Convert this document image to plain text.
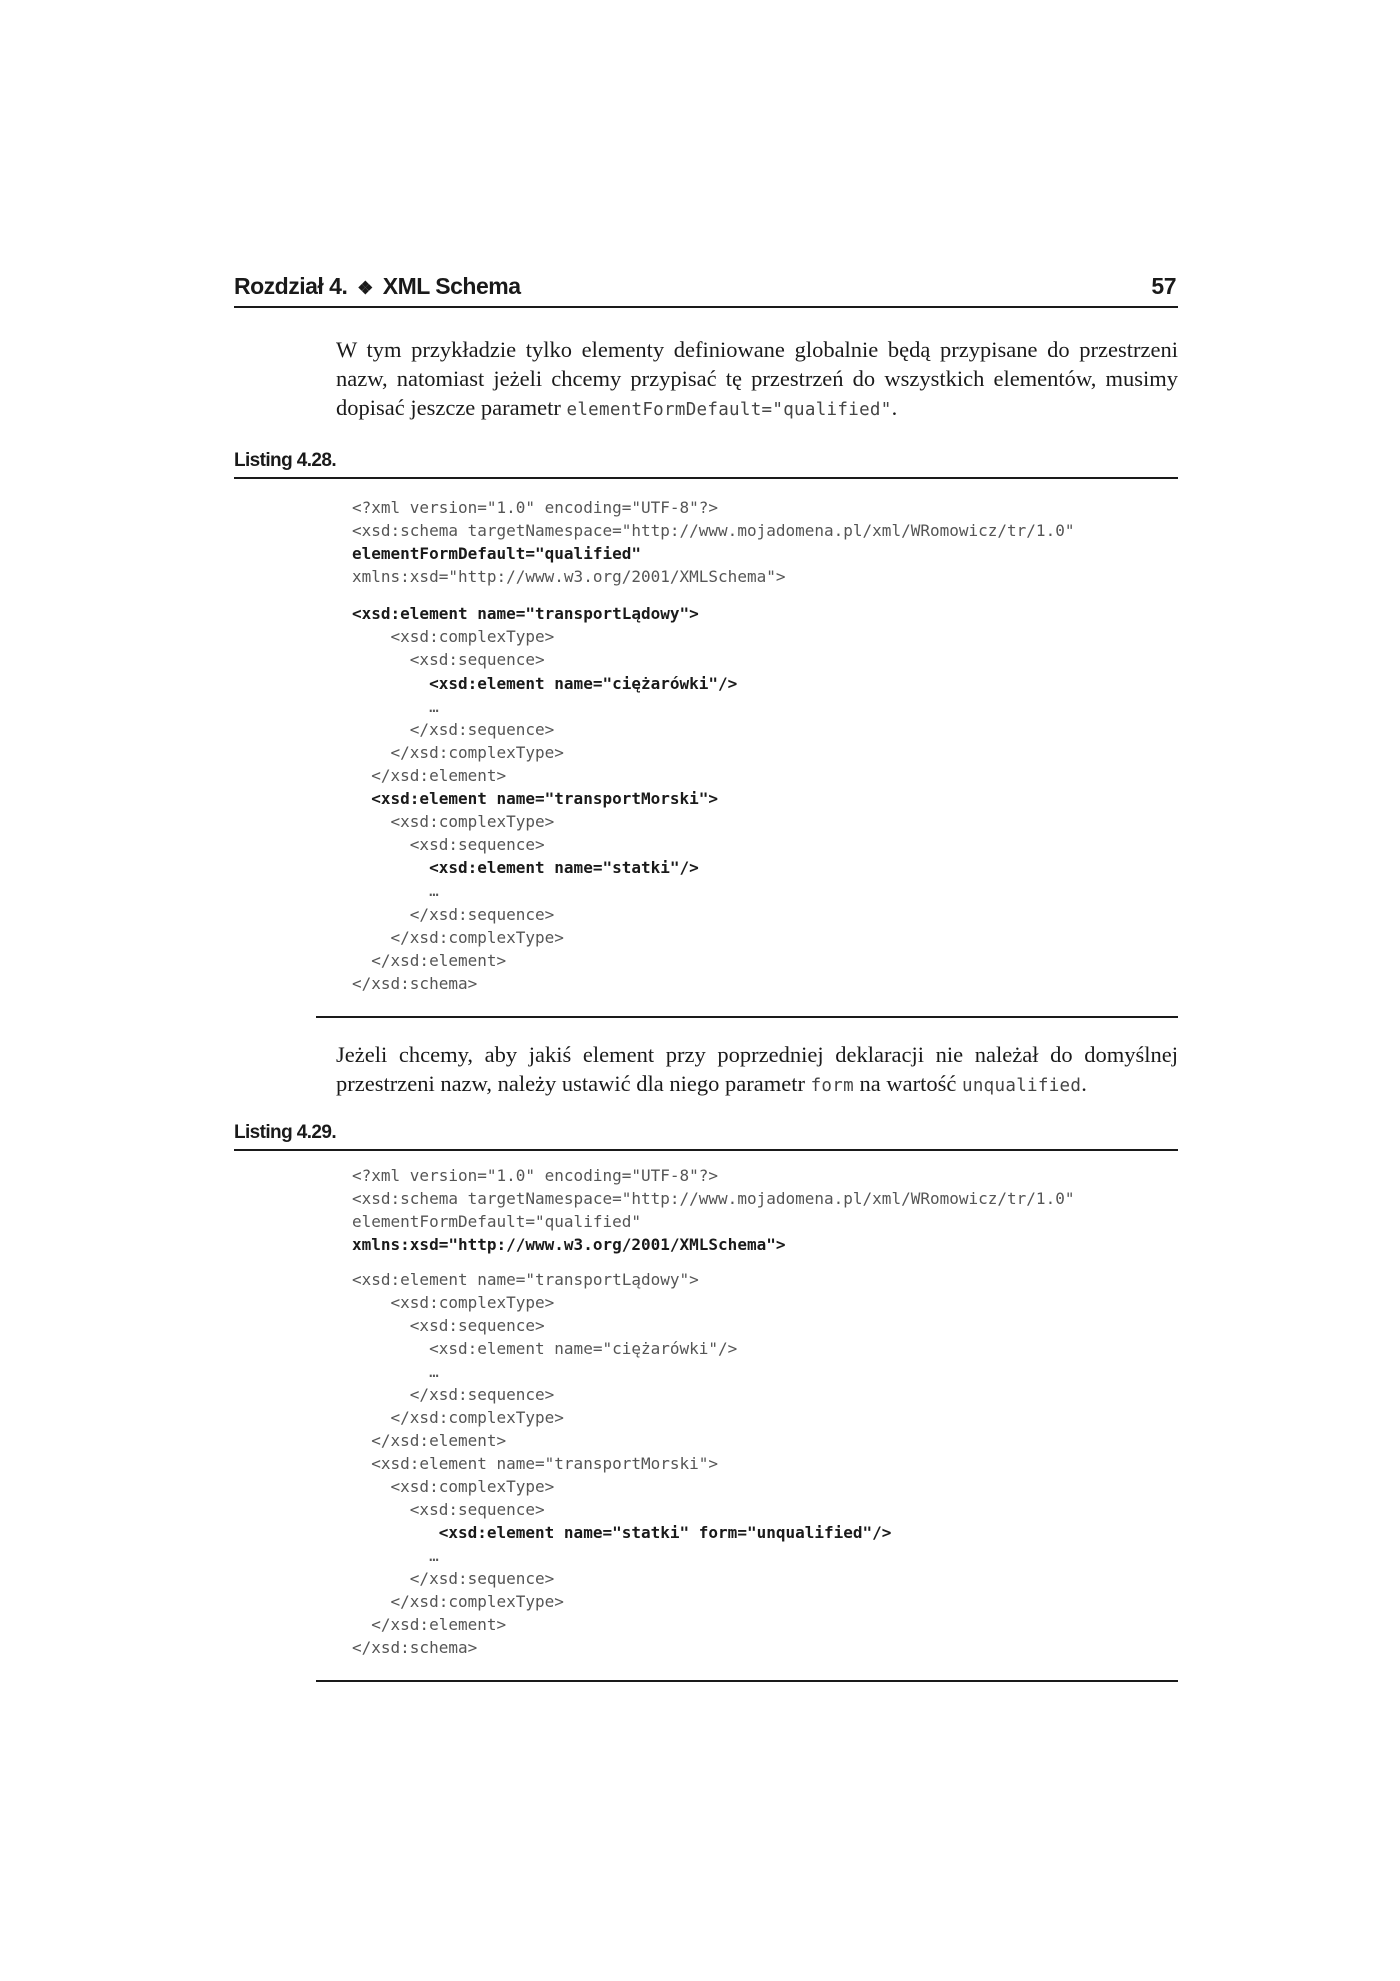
Rozdział 4. ❖ XML Schema	57
W tym przykładzie tylko elementy definiowane globalnie będą przypisane do przestrzeni nazw, natomiast jeżeli chcemy przypisać tę przestrzeń do wszystkich elementów, musimy dopisać jeszcze parametr elementFormDefault="qualified".
Listing 4.28.
<?xml version="1.0" encoding="UTF-8"?>
<xsd:schema targetNamespace="http://www.mojadomena.pl/xml/WRomowicz/tr/1.0"
elementFormDefault="qualified"
xmlns:xsd="http://www.w3.org/2001/XMLSchema">
<xsd:element name="transportLądowy">
<xsd:complexType>
<xsd:sequence>
<xsd:element name="ciężarówki"/>
…
</xsd:sequence>
</xsd:complexType>
</xsd:element>
<xsd:element name="transportMorski">
<xsd:complexType>
<xsd:sequence>
<xsd:element name="statki"/>
…
</xsd:sequence>
</xsd:complexType>
</xsd:element>
</xsd:schema>
Jeżeli chcemy, aby jakiś element przy poprzedniej deklaracji nie należał do domyślnej przestrzeni nazw, należy ustawić dla niego parametr form na wartość unqualified.
Listing 4.29.
<?xml version="1.0" encoding="UTF-8"?>
<xsd:schema targetNamespace="http://www.mojadomena.pl/xml/WRomowicz/tr/1.0"
elementFormDefault="qualified"
xmlns:xsd="http://www.w3.org/2001/XMLSchema">
<xsd:element name="transportLądowy">
<xsd:complexType>
<xsd:sequence>
<xsd:element name="ciężarówki"/>
…
</xsd:sequence>
</xsd:complexType>
</xsd:element>
<xsd:element name="transportMorski">
<xsd:complexType>
<xsd:sequence>
<xsd:element name="statki" form="unqualified"/>
…
</xsd:sequence>
</xsd:complexType>
</xsd:element>
</xsd:schema>
